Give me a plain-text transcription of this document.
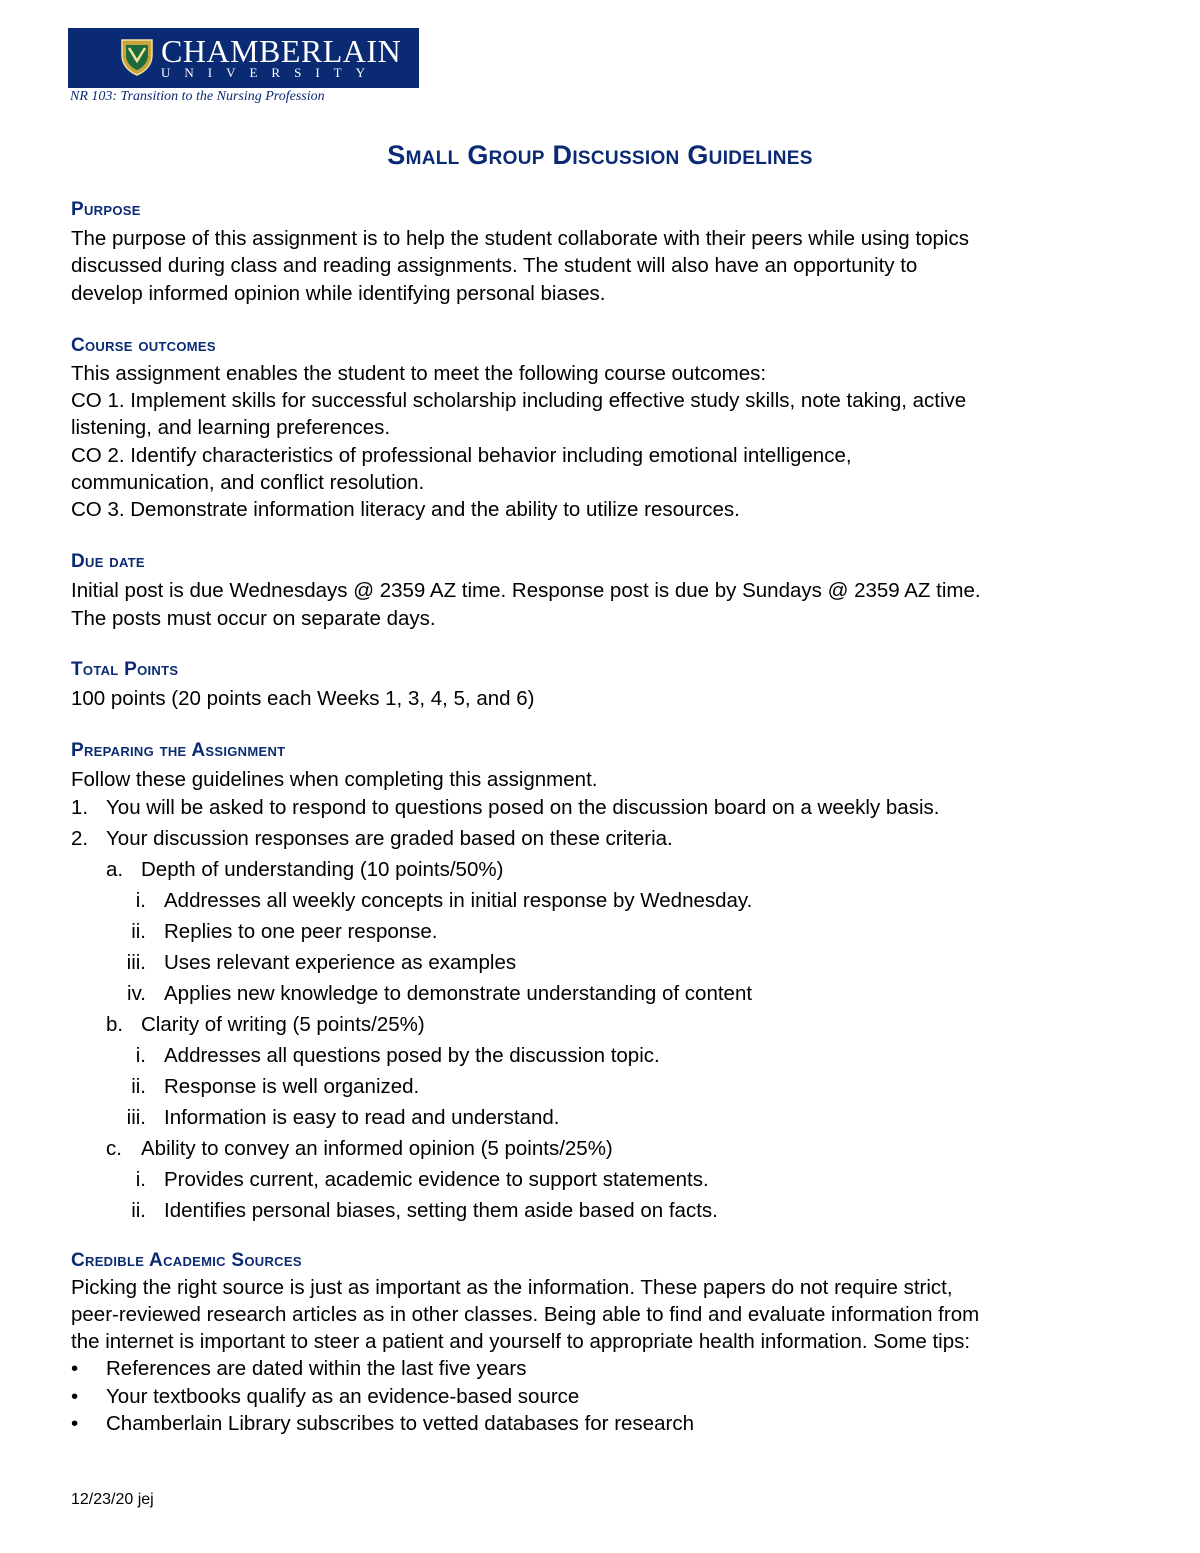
CHAMBERLAIN
UNIVERSITY
NR 103: Transition to the Nursing Profession
Small Group Discussion Guidelines
Purpose
The purpose of this assignment is to help the student collaborate with their peers while using topics
discussed during class and reading assignments. The student will also have an opportunity to
develop informed opinion while identifying personal biases.
Course outcomes
This assignment enables the student to meet the following course outcomes:
CO 1. Implement skills for successful scholarship including effective study skills, note taking, active
listening, and learning preferences.
CO 2. Identify characteristics of professional behavior including emotional intelligence,
communication, and conflict resolution.
CO 3. Demonstrate information literacy and the ability to utilize resources.
Due date
Initial post is due Wednesdays @ 2359 AZ time. Response post is due by Sundays @ 2359 AZ time.
The posts must occur on separate days.
Total Points
100 points (20 points each Weeks 1, 3, 4, 5, and 6)
Preparing the Assignment
Follow these guidelines when completing this assignment.
1. You will be asked to respond to questions posed on the discussion board on a weekly basis.
2. Your discussion responses are graded based on these criteria.
a. Depth of understanding (10 points/50%)
i. Addresses all weekly concepts in initial response by Wednesday.
ii. Replies to one peer response.
iii. Uses relevant experience as examples
iv. Applies new knowledge to demonstrate understanding of content
b. Clarity of writing (5 points/25%)
i. Addresses all questions posed by the discussion topic.
ii. Response is well organized.
iii. Information is easy to read and understand.
c. Ability to convey an informed opinion (5 points/25%)
i. Provides current, academic evidence to support statements.
ii. Identifies personal biases, setting them aside based on facts.
Credible Academic Sources
Picking the right source is just as important as the information. These papers do not require strict,
peer-reviewed research articles as in other classes. Being able to find and evaluate information from
the internet is important to steer a patient and yourself to appropriate health information. Some tips:
• References are dated within the last five years
• Your textbooks qualify as an evidence-based source
• Chamberlain Library subscribes to vetted databases for research
12/23/20 jej
